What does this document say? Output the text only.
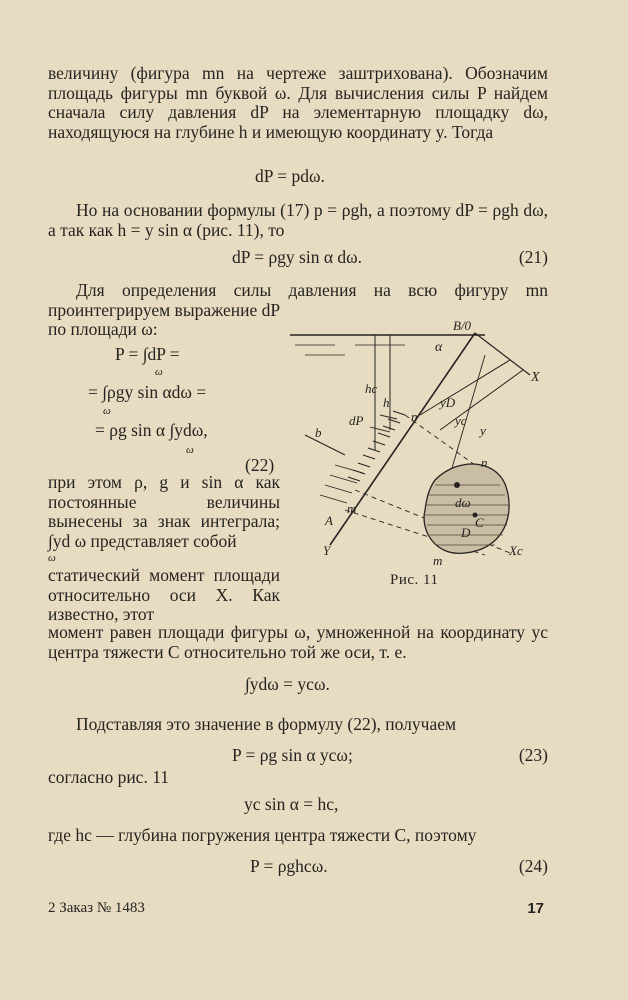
величину (фигура mn на чертеже заштрихована). Обозначим площадь фигуры mn буквой ω. Для вычисления силы P найдем сначала силу давления dP на элементарную площадку dω, находящуюся на глубине h и имеющую координату y. Тогда

dP = pdω.

Но на основании формулы (17) p = ρgh, а поэтому dP = ρgh dω, а так как h = y sin α (рис. 11), то

dP = ρgy sin α dω.	(21)

Для определения силы давления на всю фигуру mn проинтегрируем выражение dP

по площади ω:

P = ∫dP =
ω
= ∫ρgy sin αdω =
ω
= ρg sin α ∫ydω,
ω
(22)

при этом ρ, g и sin α как постоянные величины вынесены за знак интеграла; ∫yd ω представляет собой

ω

статический момент площади относительно оси X. Как известно, этот

B/0
α
X
hc
h
dP	n
yD
yc
y
b
n
dω
C
D
m
m
A
Y	Xc
Рис. 11

момент равен площади фигуры ω, умноженной на координату yc центра тяжести C относительно той же оси, т. е.

∫ydω = ycω.

Подставляя это значение в формулу (22), получаем

P = ρg sin α ycω;	(23)

согласно рис. 11

yc sin α = hc,

где hc — глубина погружения центра тяжести C, поэтому

P = ρghcω.	(24)
2 Заказ № 1483	17
